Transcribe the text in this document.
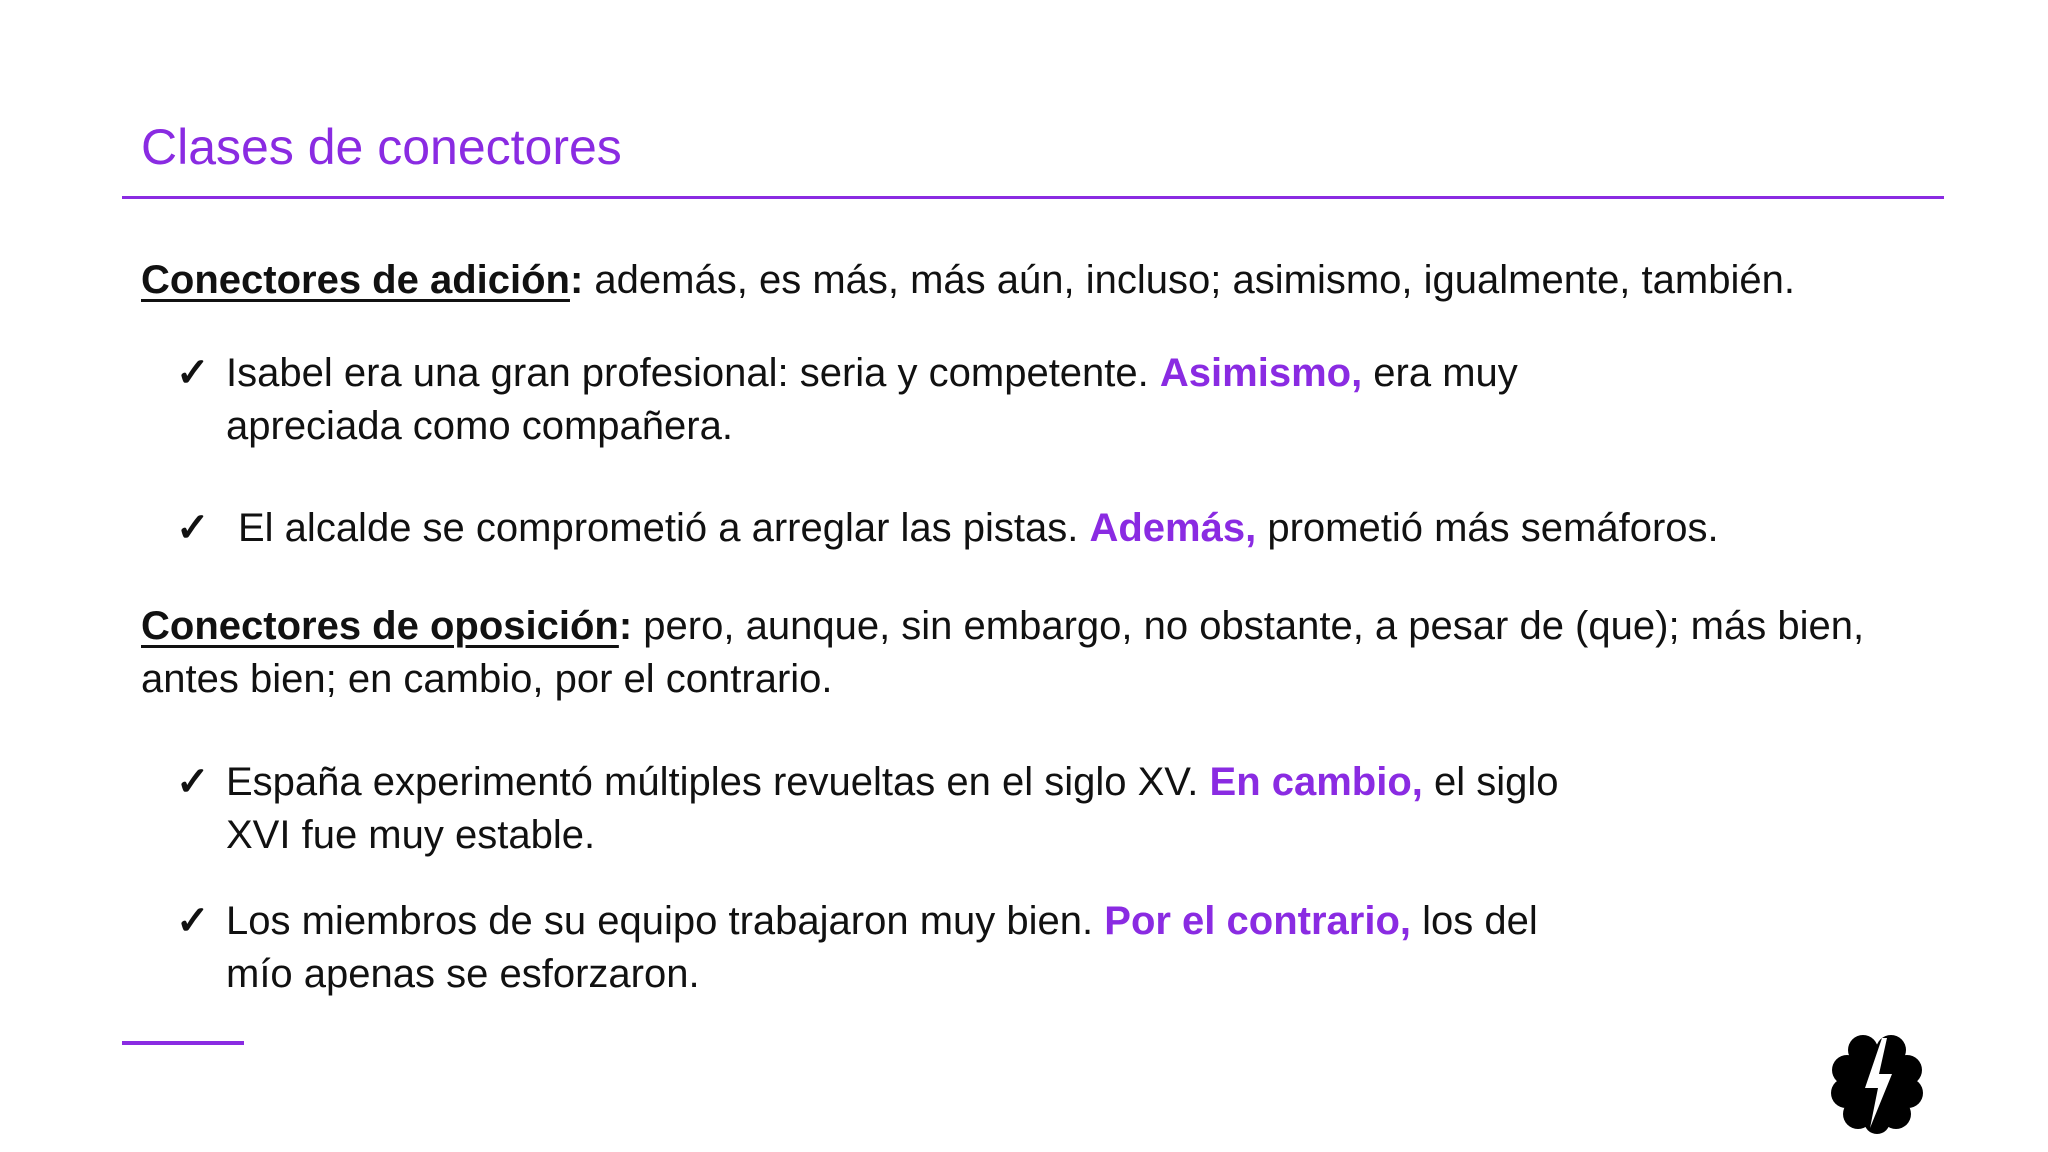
Clases de conectores

Conectores de adición: además, es más, más aún, incluso; asimismo, igualmente, también.

✓ Isabel era una gran profesional: seria y competente. Asimismo, era muy apreciada como compañera.
✓ El alcalde se comprometió a arreglar las pistas. Además, prometió más semáforos.

Conectores de oposición: pero, aunque, sin embargo, no obstante, a pesar de (que); más bien, antes bien; en cambio, por el contrario.

✓ España experimentó múltiples revueltas en el siglo XV. En cambio, el siglo XVI fue muy estable.
✓ Los miembros de su equipo trabajaron muy bien. Por el contrario, los del mío apenas se esforzaron.
